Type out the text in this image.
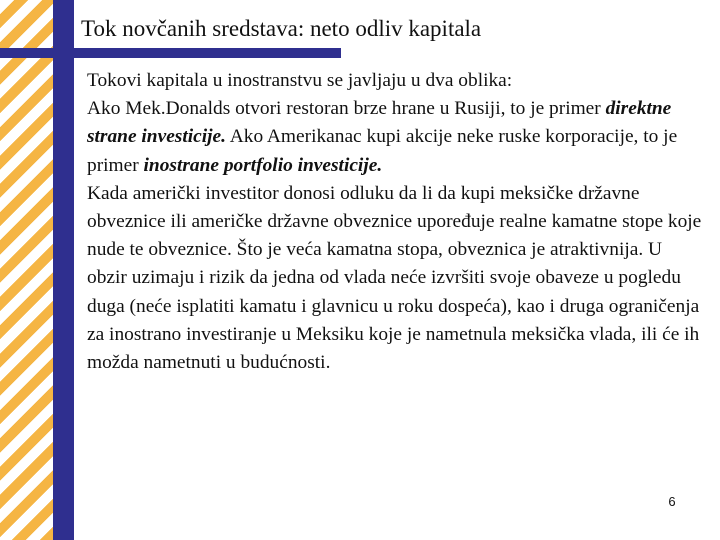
Tok novčanih sredstava: neto odliv kapitala

Tokovi kapitala u inostranstvu se javljaju u dva oblika:

Ako Mek.Donalds otvori restoran brze hrane u Rusiji, to je primer direktne strane investicije. Ako Amerikanac kupi akcije neke ruske korporacije, to je primer inostrane portfolio investicije.

Kada američki investitor donosi odluku da li da kupi meksičke državne obveznice ili američke državne obveznice upoređuje realne kamatne stope koje nude te obveznice. Što je veća kamatna stopa, obveznica je atraktivnija. U obzir uzimaju i rizik da jedna od vlada neće izvršiti svoje obaveze u pogledu duga (neće isplatiti kamatu i glavnicu u roku dospeća), kao i druga ograničenja za inostrano investiranje u Meksiku koje je nametnula meksička vlada, ili će ih možda nametnuti u budućnosti.

6
